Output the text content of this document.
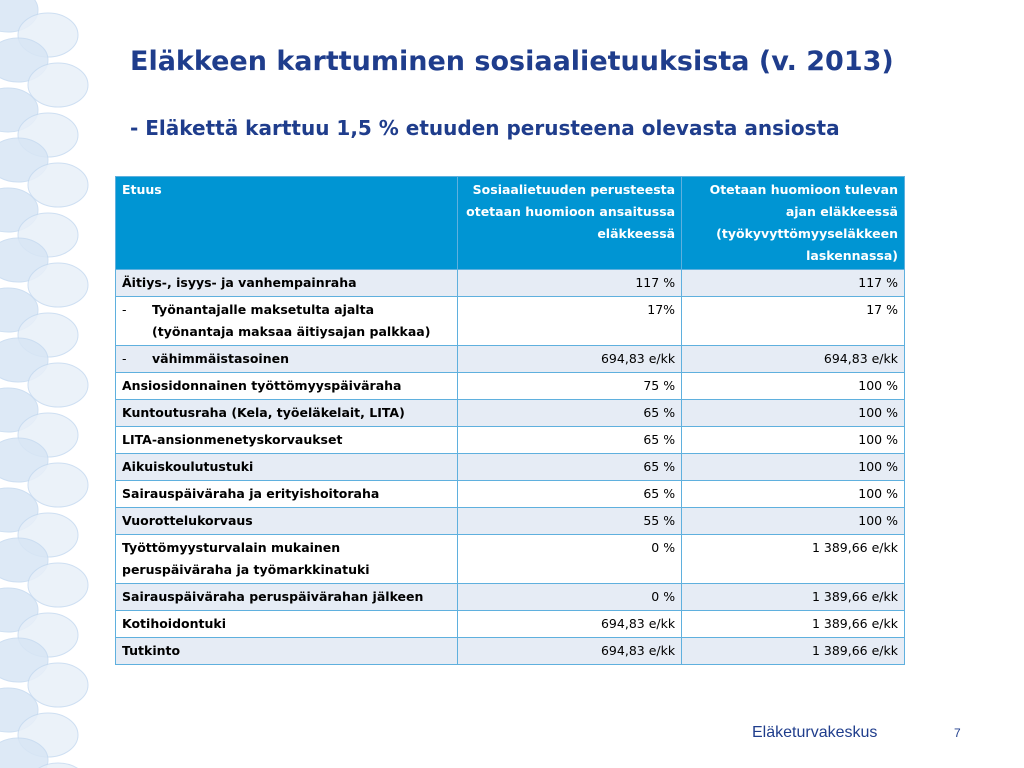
Eläkkeen karttuminen sosiaalietuuksista (v. 2013)
- Eläkettä karttuu 1,5 % etuuden perusteena olevasta ansiosta
Etuus	Sosiaalietuuden perusteesta otetaan huomioon ansaitussa eläkkeessä	Otetaan huomioon tulevan ajan eläkkeessä (työkyvyttömyyseläkkeen laskennassa)
Äitiys-, isyys- ja vanhempainraha	117 %	117 %

- Työnantajalle maksetulta ajalta (työnantaja maksaa äitiysajan palkkaa)	17%	17 %

- vähimmäistasoinen	694,83 e/kk	694,83 e/kk
Ansiosidonnainen työttömyyspäiväraha	75 %	100 %
Kuntoutusraha (Kela, työeläkelait, LITA)	65 %	100 %
LITA-ansionmenetyskorvaukset	65 %	100 %
Aikuiskoulutustuki	65 %	100 %
Sairauspäiväraha ja erityishoitoraha	65 %	100 %
Vuorottelukorvaus	55 %	100 %
Työttömyysturvalain mukainen peruspäiväraha ja työmarkkinatuki	0 %	1 389,66 e/kk
Sairauspäiväraha peruspäivärahan jälkeen	0 %	1 389,66 e/kk
Kotihoidontuki	694,83 e/kk	1 389,66 e/kk
Tutkinto	694,83 e/kk	1 389,66 e/kk
Eläketurvakeskus	7
